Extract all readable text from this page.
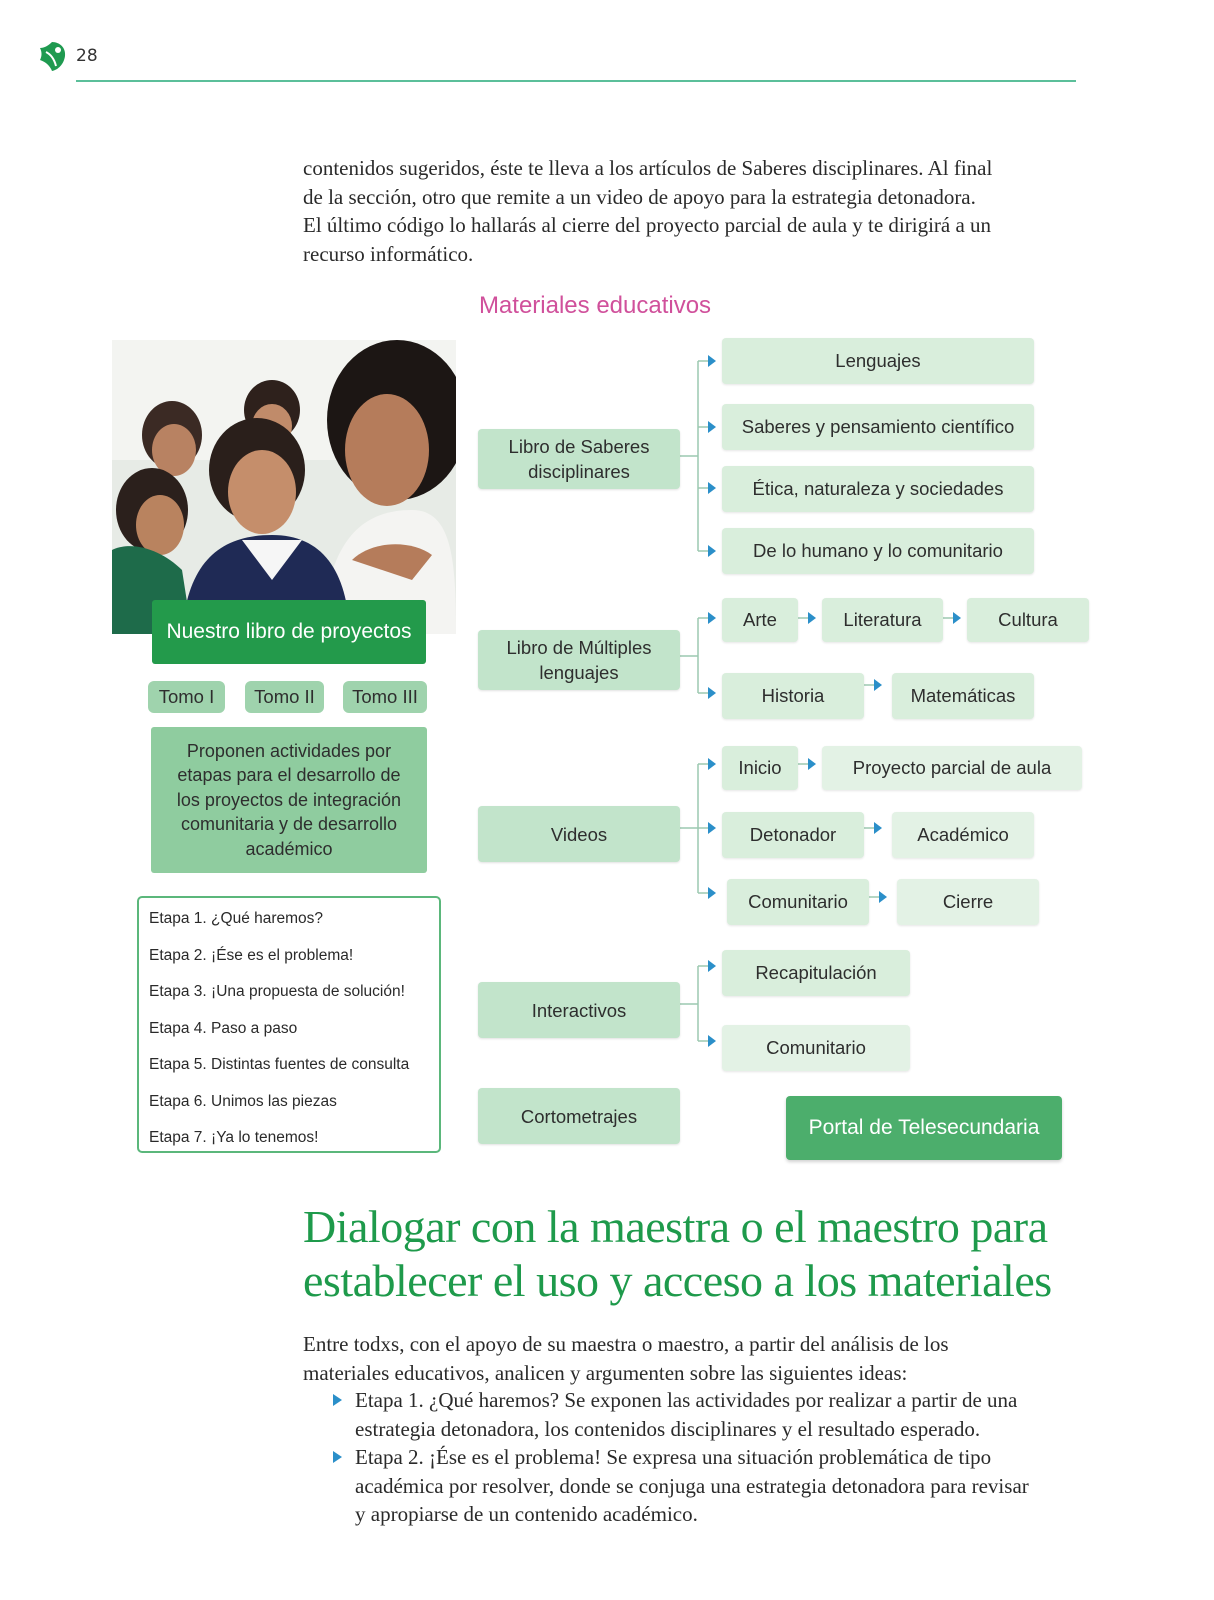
28
contenidos sugeridos, éste te lleva a los artículos de Saberes disciplinares. Al final de la sección, otro que remite a un video de apoyo para la estrategia detonadora. El último código lo hallarás al cierre del proyecto parcial de aula y te dirigirá a un recurso informático.
Materiales educativos
Nuestro libro de proyectos
Tomo I	Tomo II	Tomo III
Proponen actividades por etapas para el desarrollo de los proyectos de integración comunitaria y de desarrollo académico
Etapa 1. ¿Qué haremos?
Etapa 2. ¡Ése es el problema!
Etapa 3. ¡Una propuesta de solución!
Etapa 4. Paso a paso
Etapa 5. Distintas fuentes de consulta
Etapa 6. Unimos las piezas
Etapa 7. ¡Ya lo tenemos!
Libro de Saberes disciplinares
Libro de Múltiples lenguajes
Videos
Interactivos
Cortometrajes
Lenguajes
Saberes y pensamiento científico
Ética, naturaleza y sociedades
De lo humano y lo comunitario
Arte	Literatura	Cultura
Historia	Matemáticas
Inicio	Proyecto parcial de aula
Detonador	Académico
Comunitario	Cierre
Recapitulación
Comunitario
Portal de Telesecundaria
Dialogar con la maestra o el maestro para establecer el uso y acceso a los materiales
Entre todxs, con el apoyo de su maestra o maestro, a partir del análisis de los materiales educativos, analicen y argumenten sobre las siguientes ideas:
Etapa 1. ¿Qué haremos? Se exponen las actividades por realizar a partir de una estrategia detonadora, los contenidos disciplinares y el resultado esperado.
Etapa 2. ¡Ése es el problema! Se expresa una situación problemática de tipo académica por resolver, donde se conjuga una estrategia detonadora para revisar y apropiarse de un contenido académico.
